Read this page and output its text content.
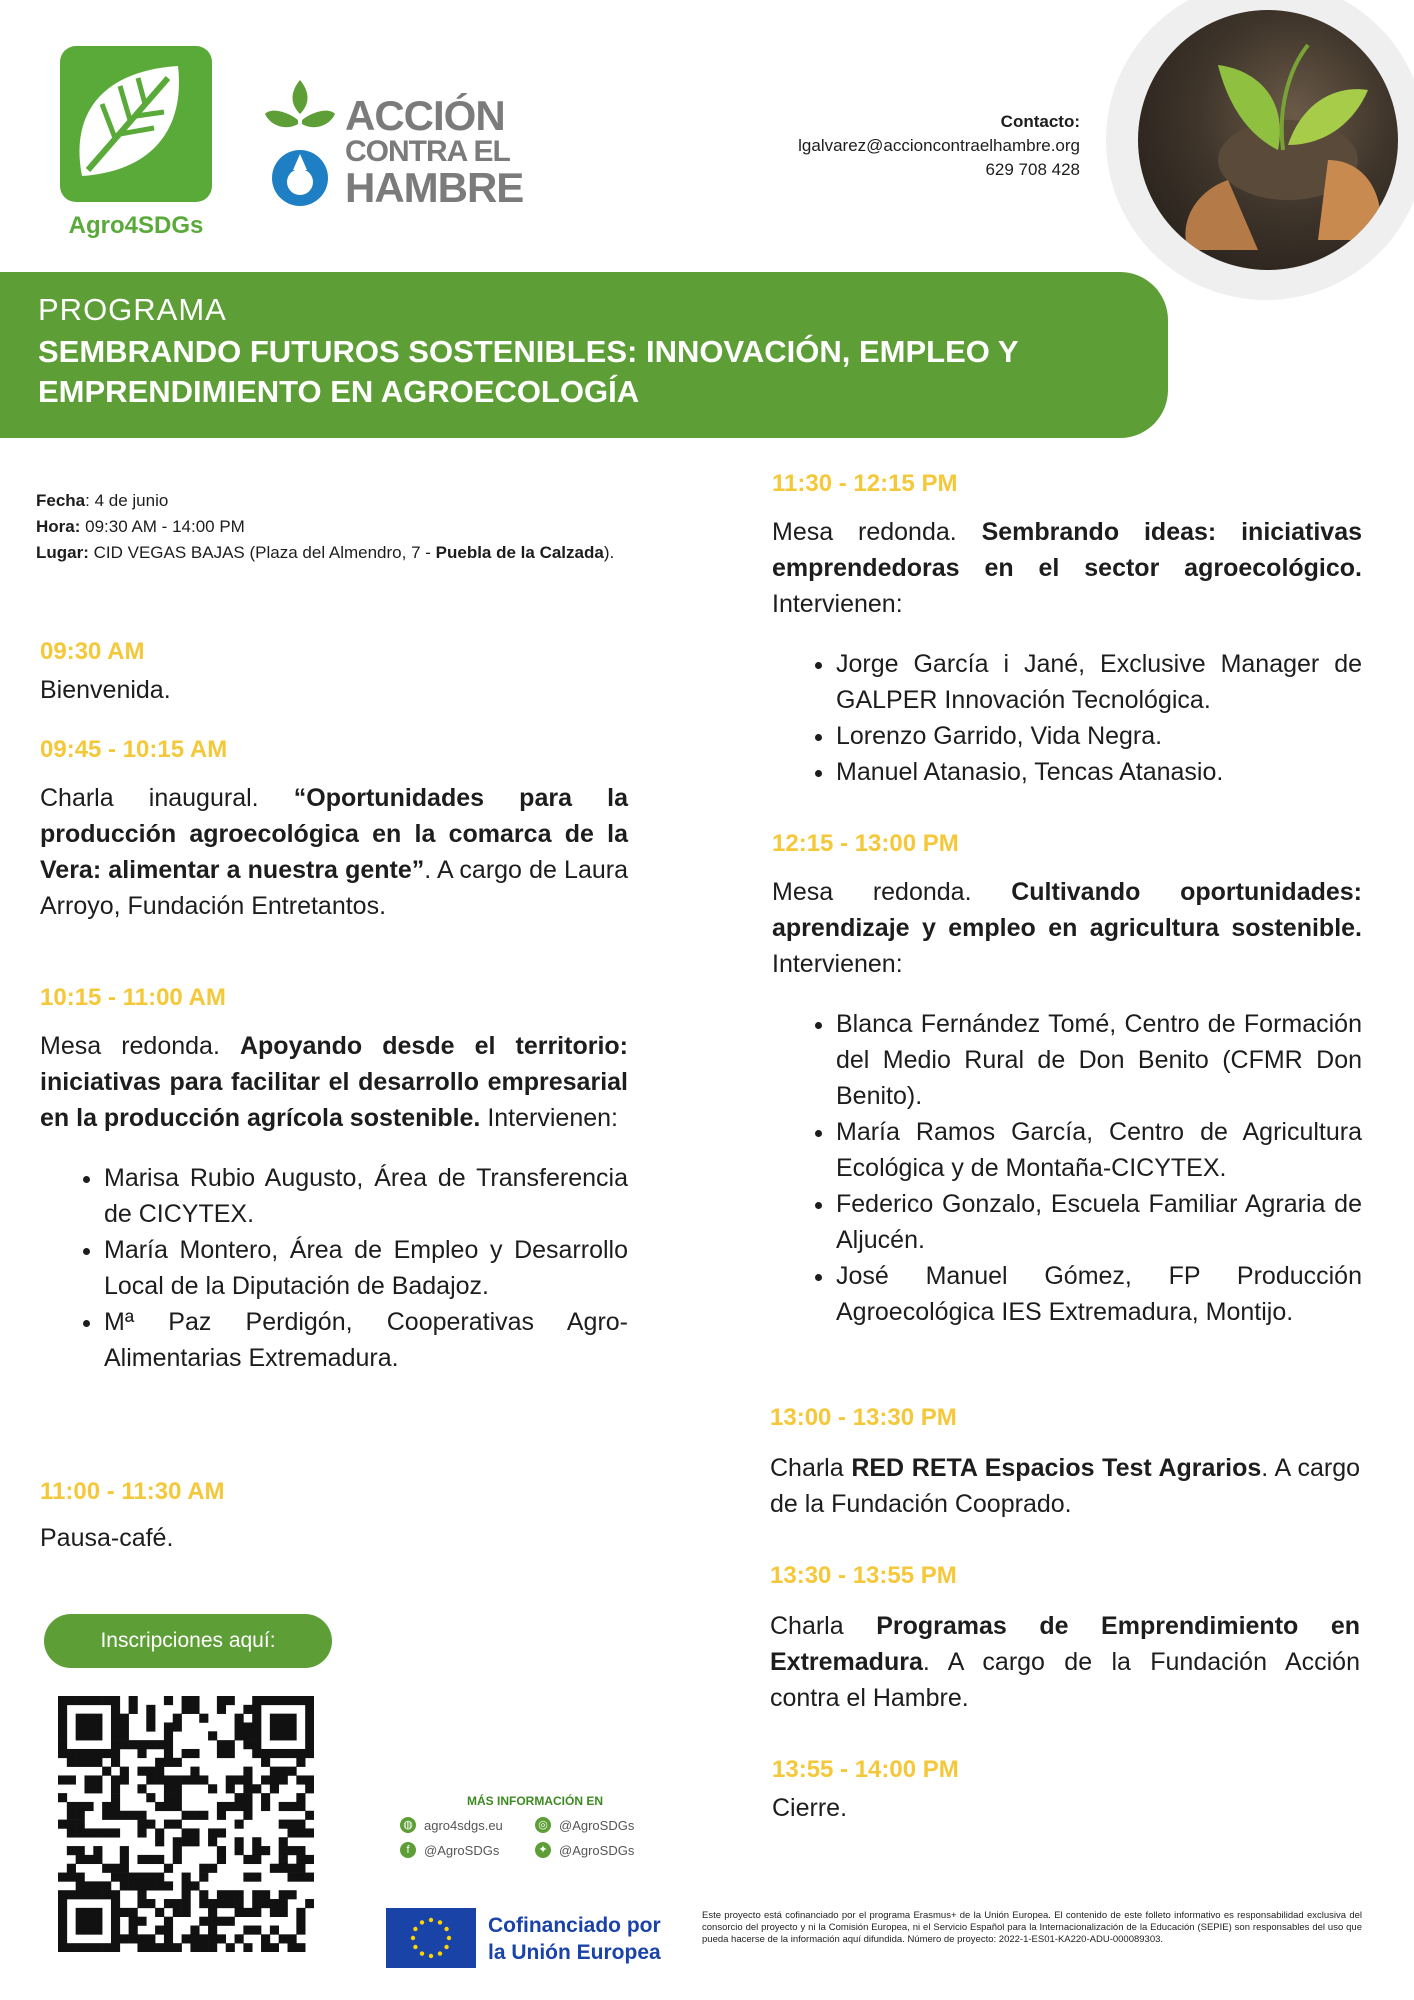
Agro4SDGs
ACCIÓN
CONTRA EL
HAMBRE
Contacto:
lgalvarez@accioncontraelhambre.org
629 708 428
PROGRAMA
SEMBRANDO FUTUROS SOSTENIBLES: INNOVACIÓN, EMPLEO Y EMPRENDIMIENTO EN AGROECOLOGÍA
Fecha: 4 de junio
Hora: 09:30 AM - 14:00 PM
Lugar: CID VEGAS BAJAS (Plaza del Almendro, 7 - Puebla de la Calzada).
09:30 AM
Bienvenida.
09:45 - 10:15 AM
Charla inaugural. “Oportunidades para la producción agroecológica en la comarca de la Vera: alimentar a nuestra gente”. A cargo de Laura Arroyo, Fundación Entretantos.
10:15 - 11:00 AM
Mesa redonda. Apoyando desde el territorio: iniciativas para facilitar el desarrollo empresarial en la producción agrícola sostenible. Intervienen:
• Marisa Rubio Augusto, Área de Transferencia de CICYTEX.
• María Montero, Área de Empleo y Desarrollo Local de la Diputación de Badajoz.
• Mª Paz Perdigón, Cooperativas Agro-Alimentarias Extremadura.
11:00 - 11:30 AM
Pausa-café.
11:30 - 12:15 PM
Mesa redonda. Sembrando ideas: iniciativas emprendedoras en el sector agroecológico. Intervienen:
• Jorge García i Jané, Exclusive Manager de GALPER Innovación Tecnológica.
• Lorenzo Garrido, Vida Negra.
• Manuel Atanasio, Tencas Atanasio.
12:15 - 13:00 PM
Mesa redonda. Cultivando oportunidades: aprendizaje y empleo en agricultura sostenible. Intervienen:
• Blanca Fernández Tomé, Centro de Formación del Medio Rural de Don Benito (CFMR Don Benito).
• María Ramos García, Centro de Agricultura Ecológica y de Montaña-CICYTEX.
• Federico Gonzalo, Escuela Familiar Agraria de Aljucén.
• José Manuel Gómez, FP Producción Agroecológica IES Extremadura, Montijo.
13:00 - 13:30 PM
Charla RED RETA Espacios Test Agrarios. A cargo de la Fundación Cooprado.
13:30 - 13:55 PM
Charla Programas de Emprendimiento en Extremadura. A cargo de la Fundación Acción contra el Hambre.
13:55 - 14:00 PM
Cierre.
Inscripciones aquí:
MÁS INFORMACIÓN EN
◍ agro4sdgs.eu	◎ @AgroSDGs
f	@AgroSDGs	✦ @AgroSDGs
Cofinanciado por
la Unión Europea
Este proyecto está cofinanciado por el programa Erasmus+ de la Unión Europea. El contenido de este folleto informativo es responsabilidad exclusiva del consorcio del proyecto y ni la Comisión Europea, ni el Servicio Español para la Internacionalización de la Educación (SEPIE) son responsables del uso que pueda hacerse de la información aquí difundida. Número de proyecto: 2022-1-ES01-KA220-ADU-000089303.
